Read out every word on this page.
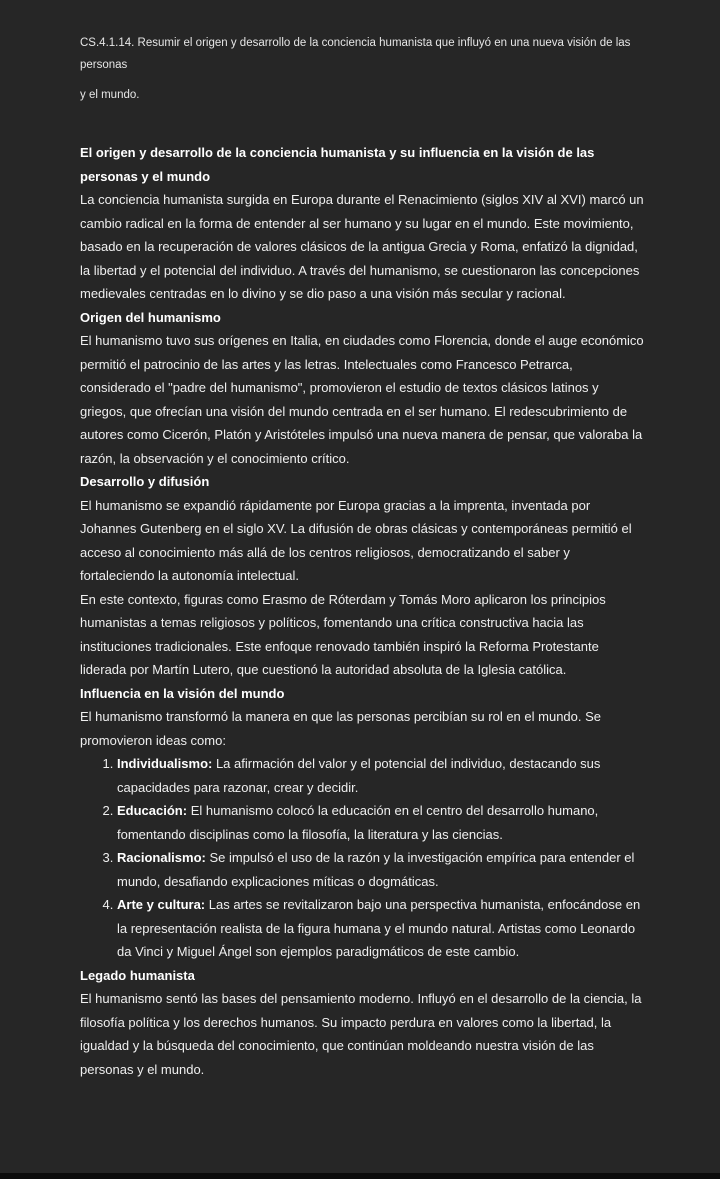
CS.4.1.14. Resumir el origen y desarrollo de la conciencia humanista que influyó en una nueva visión de las personas

y el mundo.

El origen y desarrollo de la conciencia humanista y su influencia en la visión de las personas y el mundo

La conciencia humanista surgida en Europa durante el Renacimiento (siglos XIV al XVI) marcó un cambio radical en la forma de entender al ser humano y su lugar en el mundo. Este movimiento, basado en la recuperación de valores clásicos de la antigua Grecia y Roma, enfatizó la dignidad, la libertad y el potencial del individuo. A través del humanismo, se cuestionaron las concepciones medievales centradas en lo divino y se dio paso a una visión más secular y racional.

Origen del humanismo

El humanismo tuvo sus orígenes en Italia, en ciudades como Florencia, donde el auge económico permitió el patrocinio de las artes y las letras. Intelectuales como Francesco Petrarca, considerado el "padre del humanismo", promovieron el estudio de textos clásicos latinos y griegos, que ofrecían una visión del mundo centrada en el ser humano. El redescubrimiento de autores como Cicerón, Platón y Aristóteles impulsó una nueva manera de pensar, que valoraba la razón, la observación y el conocimiento crítico.

Desarrollo y difusión

El humanismo se expandió rápidamente por Europa gracias a la imprenta, inventada por Johannes Gutenberg en el siglo XV. La difusión de obras clásicas y contemporáneas permitió el acceso al conocimiento más allá de los centros religiosos, democratizando el saber y fortaleciendo la autonomía intelectual.

En este contexto, figuras como Erasmo de Róterdam y Tomás Moro aplicaron los principios humanistas a temas religiosos y políticos, fomentando una crítica constructiva hacia las instituciones tradicionales. Este enfoque renovado también inspiró la Reforma Protestante liderada por Martín Lutero, que cuestionó la autoridad absoluta de la Iglesia católica.

Influencia en la visión del mundo

El humanismo transformó la manera en que las personas percibían su rol en el mundo. Se promovieron ideas como:

1. Individualismo: La afirmación del valor y el potencial del individuo, destacando sus capacidades para razonar, crear y decidir.
2. Educación: El humanismo colocó la educación en el centro del desarrollo humano, fomentando disciplinas como la filosofía, la literatura y las ciencias.
3. Racionalismo: Se impulsó el uso de la razón y la investigación empírica para entender el mundo, desafiando explicaciones míticas o dogmáticas.
4. Arte y cultura: Las artes se revitalizaron bajo una perspectiva humanista, enfocándose en la representación realista de la figura humana y el mundo natural. Artistas como Leonardo da Vinci y Miguel Ángel son ejemplos paradigmáticos de este cambio.

Legado humanista

El humanismo sentó las bases del pensamiento moderno. Influyó en el desarrollo de la ciencia, la filosofía política y los derechos humanos. Su impacto perdura en valores como la libertad, la igualdad y la búsqueda del conocimiento, que continúan moldeando nuestra visión de las personas y el mundo.
